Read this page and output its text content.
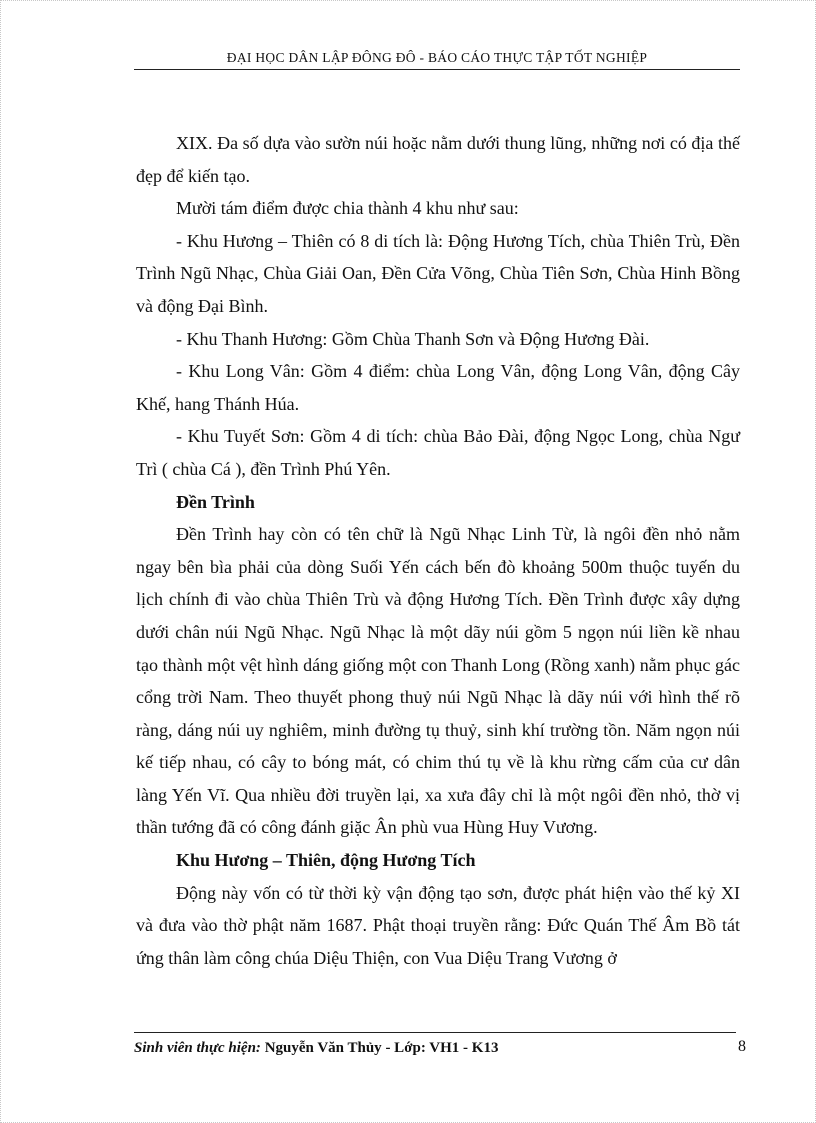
ĐẠI HỌC DÂN LẬP ĐÔNG ĐÔ - BÁO CÁO THỰC TẬP TỐT NGHIỆP

XIX. Đa số dựa vào sườn núi hoặc nằm dưới thung lũng, những nơi có địa thế đẹp để kiến tạo.

Mười tám điểm được chia thành 4 khu như sau:

- Khu Hương – Thiên có 8 di tích là: Động Hương Tích, chùa Thiên Trù, Đền Trình Ngũ Nhạc, Chùa Giải Oan, Đền Cửa Võng, Chùa Tiên Sơn, Chùa Hinh Bồng và động Đại Bình.

- Khu Thanh Hương: Gồm Chùa Thanh Sơn và Động Hương Đài.

- Khu Long Vân: Gồm 4 điểm: chùa Long Vân, động Long Vân, động Cây Khế, hang Thánh Húa.

- Khu Tuyết Sơn: Gồm 4 di tích: chùa Bảo Đài, động Ngọc Long, chùa Ngư Trì ( chùa Cá ), đền Trình Phú Yên.

Đền Trình

Đền Trình hay còn có tên chữ là Ngũ Nhạc Linh Từ, là ngôi đền nhỏ nằm ngay bên bìa phải của dòng Suối Yến cách bến đò khoảng 500m thuộc tuyến du lịch chính đi vào chùa Thiên Trù và động Hương Tích. Đền Trình được xây dựng dưới chân núi Ngũ Nhạc. Ngũ Nhạc là một dãy núi gồm 5 ngọn núi liền kề nhau tạo thành một vệt hình dáng giống một con Thanh Long (Rồng xanh) nằm phục gác cổng trời Nam. Theo thuyết phong thuỷ núi Ngũ Nhạc là dãy núi với hình thế rõ ràng, dáng núi uy nghiêm, minh đường tụ thuỷ, sinh khí trường tồn. Năm ngọn núi kế tiếp nhau, có cây to bóng mát, có chim thú tụ về là khu rừng cấm của cư dân làng Yến Vĩ. Qua nhiều đời truyền lại, xa xưa đây chỉ là một ngôi đền nhỏ, thờ vị thần tướng đã có công đánh giặc Ân phù vua Hùng Huy Vương.

Khu Hương – Thiên, động Hương Tích

Động này vốn có từ thời kỳ vận động tạo sơn, được phát hiện vào thế kỷ XI và đưa vào thờ phật năm 1687. Phật thoại truyền rằng: Đức Quán Thế Âm Bồ tát ứng thân làm công chúa Diệu Thiện, con Vua Diệu Trang Vương ở

Sinh viên thực hiện: Nguyễn Văn Thủy - Lớp: VH1 - K13	8
